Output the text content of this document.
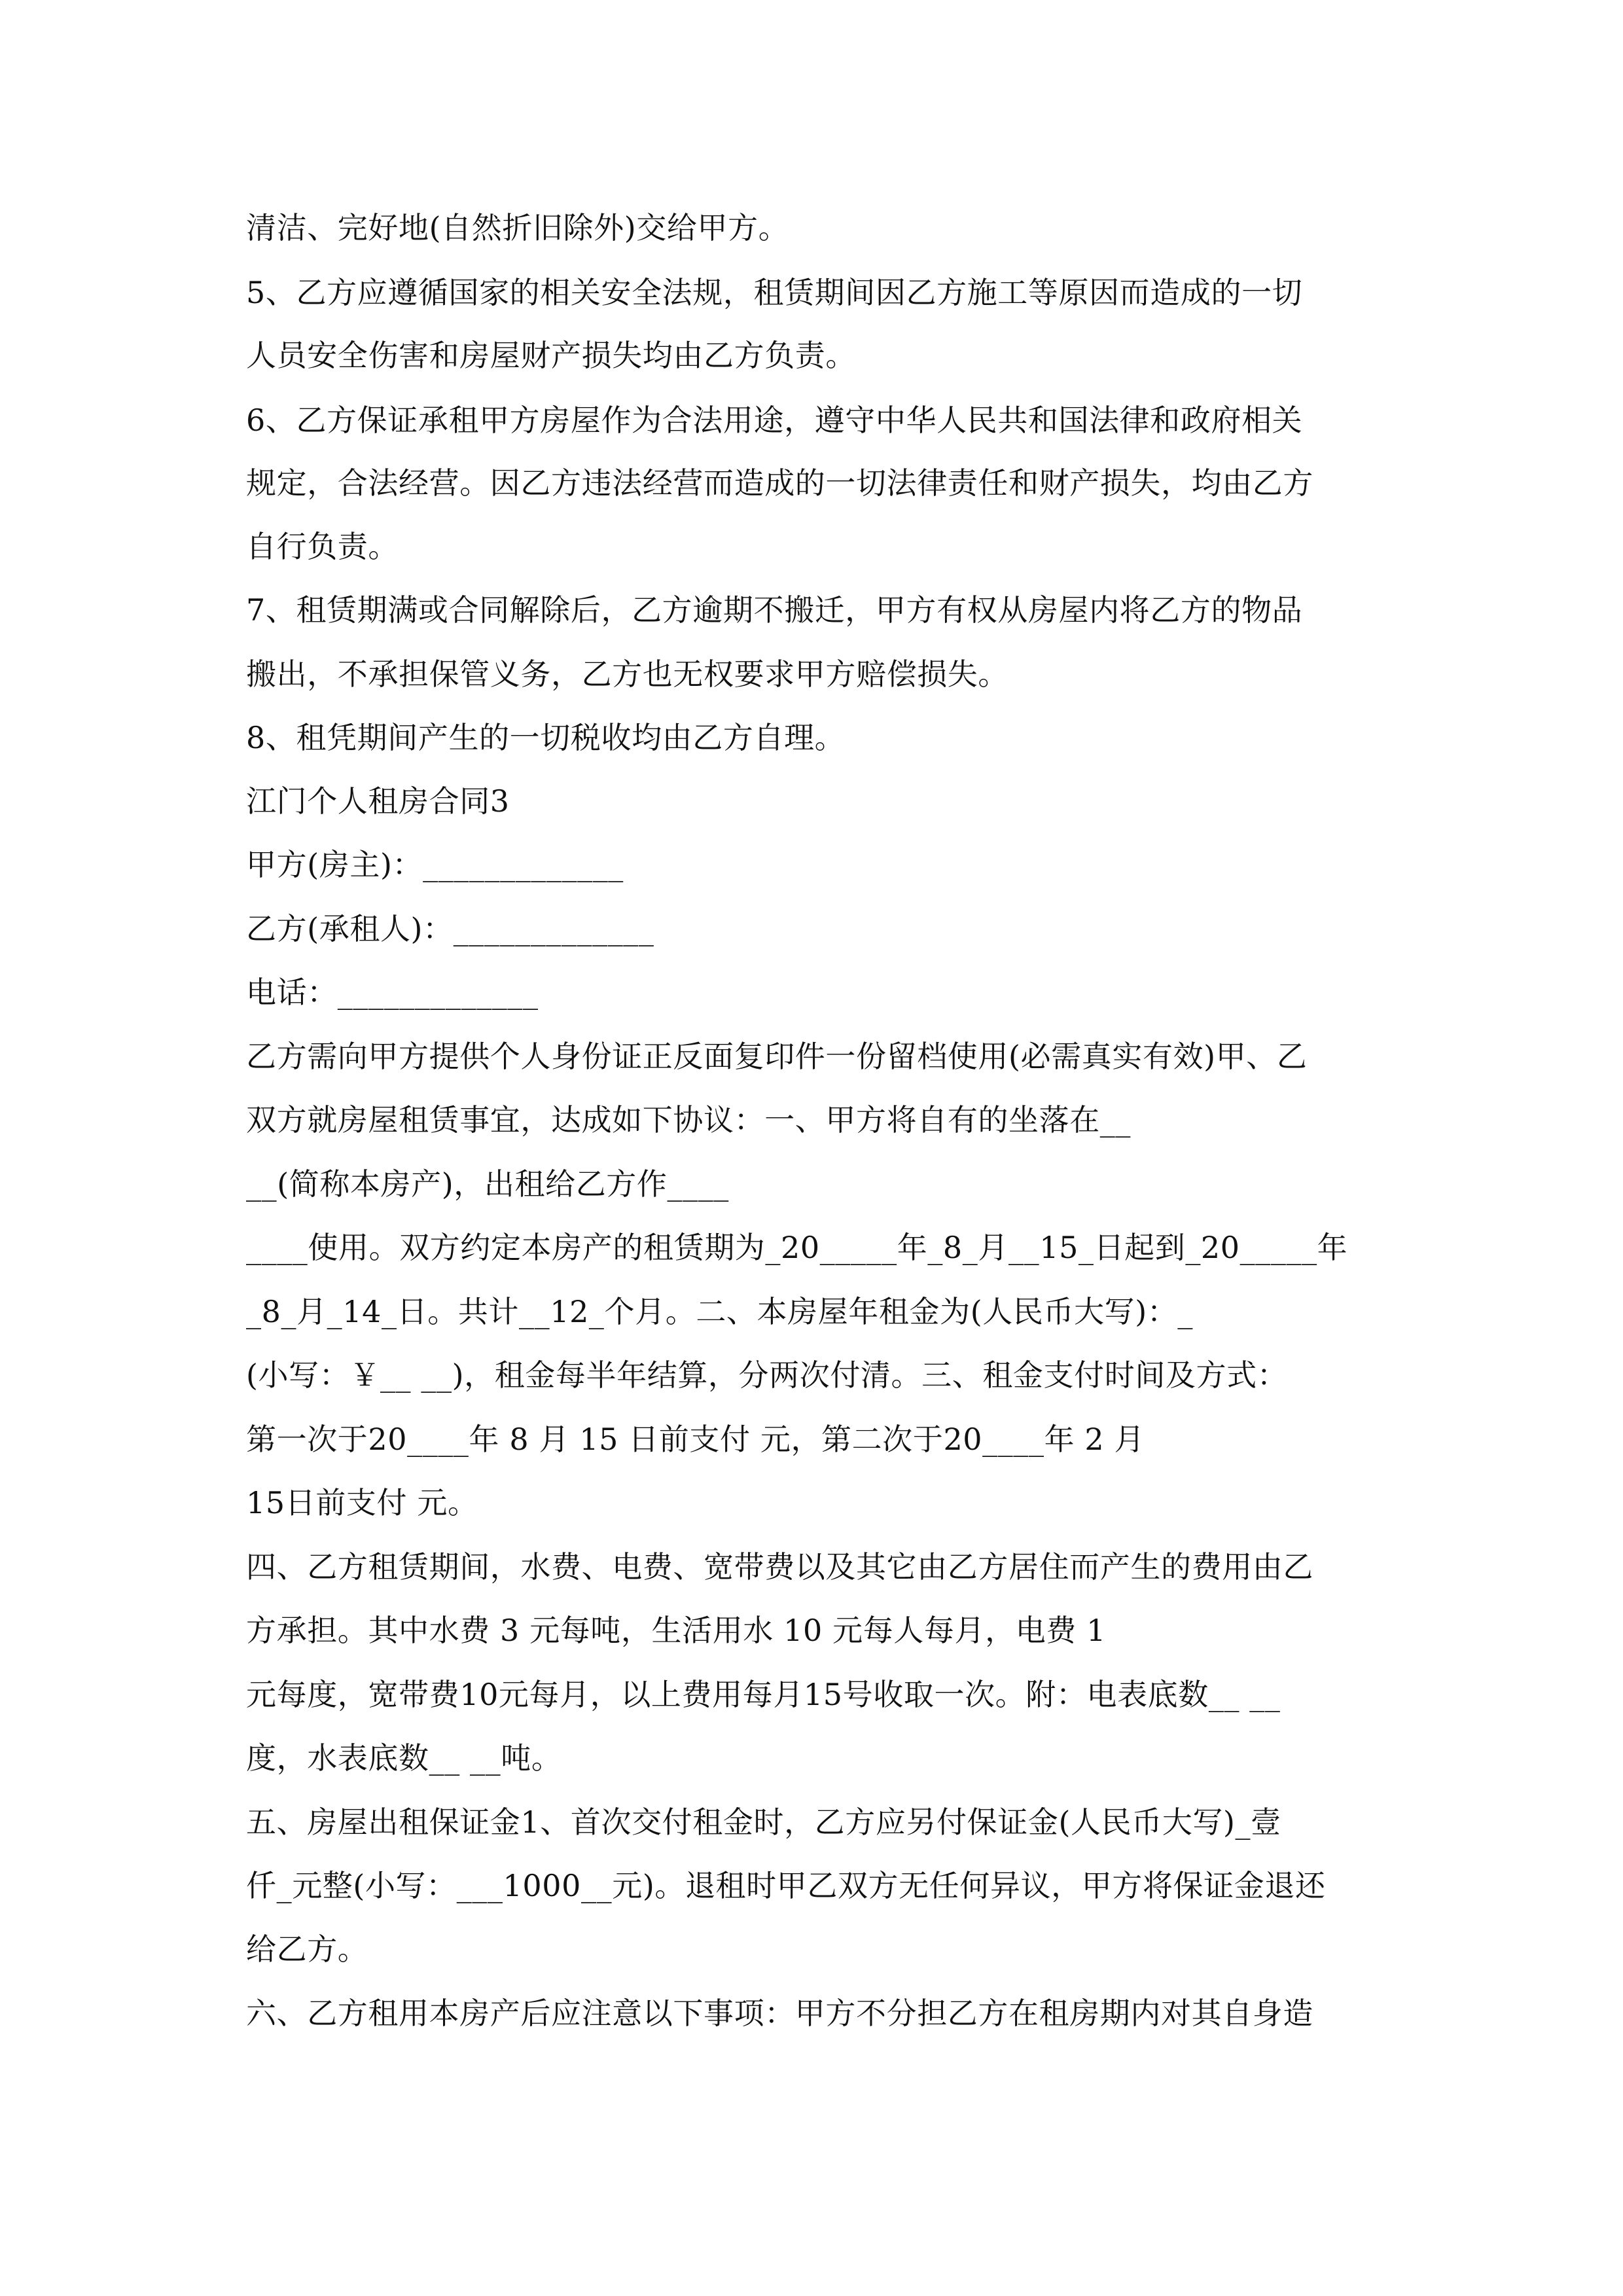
清洁、完好地(自然折旧除外)交给甲方。
5、乙方应遵循国家的相关安全法规，租赁期间因乙方施工等原因而造成的一切
人员安全伤害和房屋财产损失均由乙方负责。
6、乙方保证承租甲方房屋作为合法用途，遵守中华人民共和国法律和政府相关
规定，合法经营。因乙方违法经营而造成的一切法律责任和财产损失，均由乙方
自行负责。
7、租赁期满或合同解除后，乙方逾期不搬迁，甲方有权从房屋内将乙方的物品
搬出，不承担保管义务，乙方也无权要求甲方赔偿损失。
8、租凭期间产生的一切税收均由乙方自理。
江门个人租房合同3
甲方(房主)：_____________
乙方(承租人)：_____________
电话：_____________
乙方需向甲方提供个人身份证正反面复印件一份留档使用(必需真实有效)甲、乙
双方就房屋租赁事宜，达成如下协议：一、甲方将自有的坐落在__
__(简称本房产)，出租给乙方作____
____使用。双方约定本房产的租赁期为_20_____年_8_月__15_日起到_20_____年
_8_月_14_日。共计__12_个月。二、本房屋年租金为(人民币大写)：_
(小写：￥__ __)，租金每半年结算，分两次付清。三、租金支付时间及方式：
第一次于20____年 8 月 15 日前支付 元，第二次于20____年 2 月
15日前支付 元。
四、乙方租赁期间，水费、电费、宽带费以及其它由乙方居住而产生的费用由乙
方承担。其中水费 3 元每吨，生活用水 10 元每人每月，电费 1
元每度，宽带费10元每月，以上费用每月15号收取一次。附：电表底数__ __
度，水表底数__ __吨。
五、房屋出租保证金1、首次交付租金时，乙方应另付保证金(人民币大写)_壹
仟_元整(小写：___1000__元)。退租时甲乙双方无任何异议，甲方将保证金退还
给乙方。
六、乙方租用本房产后应注意以下事项：甲方不分担乙方在租房期内对其自身造
